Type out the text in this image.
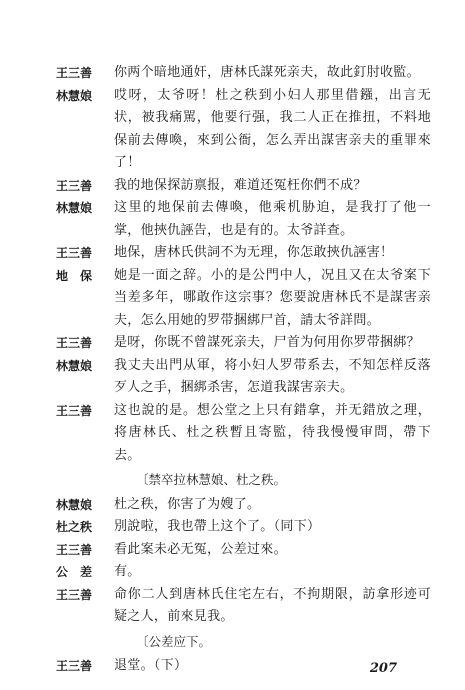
王三善	你两个暗地通奸，唐林氏謀死亲夫，故此釘肘收監。

林慧娘	哎呀，太爷呀！杜之秩到小妇人那里借鏹，出言无状，被我痛駡，他要行强，我二人正在推扭，不料地保前去傳喚，來到公衙，怎么弄出謀害亲夫的重罪來了！

王三善	我的地保探訪禀报，难道还冤枉你們不成？

林慧娘	这里的地保前去傳喚，他乘机胁迫，是我打了他一掌，他挾仇誣告，也是有的。太爷詳查。

王三善	地保，唐林氏供詞不为无理，你怎敢挾仇誣害！

地　保	她是一面之辞。小的是公門中人，况且又在太爷案下当差多年，哪敢作这宗事？您要說唐林氏不是謀害亲夫，怎么用她的罗带捆綁尸首，請太爷詳問。

王三善	是呀，你既不曾謀死亲夫，尸首为何用你罗带捆綁？

林慧娘	我丈夫出門从軍，将小妇人罗带系去，不知怎样反落歹人之手，捆綁杀害，怎道我謀害亲夫。

王三善	这也說的是。想公堂之上只有錯拿，并无錯放之理，将唐林氏、杜之秩暫且寄監，待我慢慢审問，帶下去。

〔禁卒拉林慧娘、杜之秩。

林慧娘	杜之秩，你害了为嫂了。

杜之秩	別說啦，我也帶上这个了。（同下）

王三善	看此案未必无冤，公差过來。

公　差	有。

王三善	命你二人到唐林氏住宅左右，不拘期限，訪拿形迹可疑之人，前來見我。

〔公差应下。

王三善	退堂。（下）	207
